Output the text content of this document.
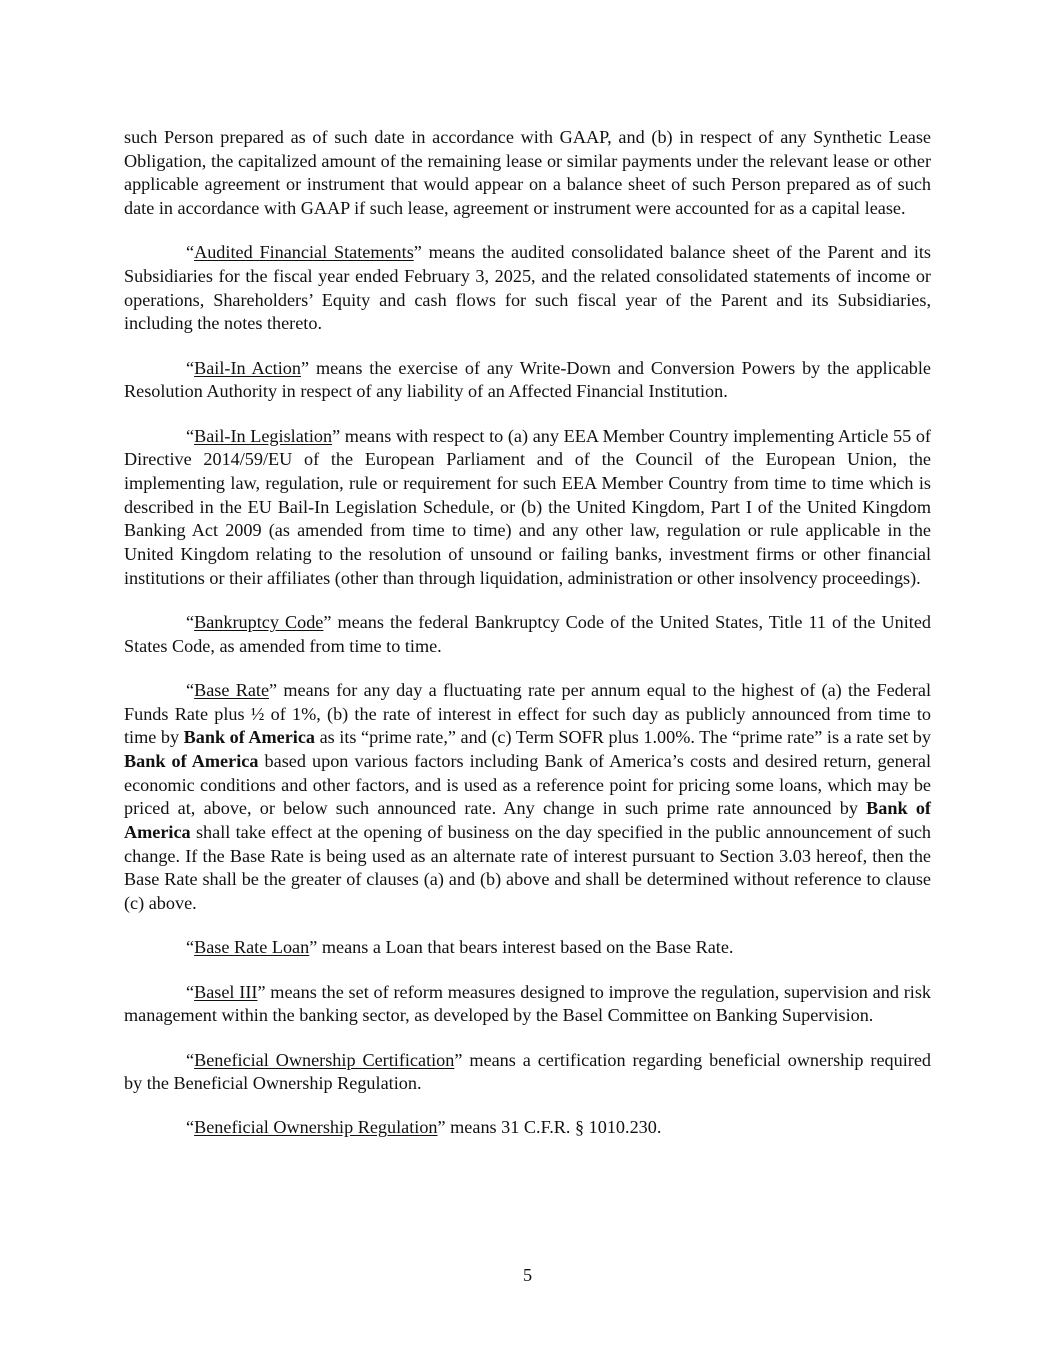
such Person prepared as of such date in accordance with GAAP, and (b) in respect of any Synthetic Lease Obligation, the capitalized amount of the remaining lease or similar payments under the relevant lease or other applicable agreement or instrument that would appear on a balance sheet of such Person prepared as of such date in accordance with GAAP if such lease, agreement or instrument were accounted for as a capital lease.

“Audited Financial Statements” means the audited consolidated balance sheet of the Parent and its Subsidiaries for the fiscal year ended February 3, 2025, and the related consolidated statements of income or operations, Shareholders’ Equity and cash flows for such fiscal year of the Parent and its Subsidiaries, including the notes thereto.

“Bail-In Action” means the exercise of any Write-Down and Conversion Powers by the applicable Resolution Authority in respect of any liability of an Affected Financial Institution.

“Bail-In Legislation” means with respect to (a) any EEA Member Country implementing Article 55 of Directive 2014/59/EU of the European Parliament and of the Council of the European Union, the implementing law, regulation, rule or requirement for such EEA Member Country from time to time which is described in the EU Bail-In Legislation Schedule, or (b) the United Kingdom, Part I of the United Kingdom Banking Act 2009 (as amended from time to time) and any other law, regulation or rule applicable in the United Kingdom relating to the resolution of unsound or failing banks, investment firms or other financial institutions or their affiliates (other than through liquidation, administration or other insolvency proceedings).

“Bankruptcy Code” means the federal Bankruptcy Code of the United States, Title 11 of the United States Code, as amended from time to time.

“Base Rate” means for any day a fluctuating rate per annum equal to the highest of (a) the Federal Funds Rate plus ½ of 1%, (b) the rate of interest in effect for such day as publicly announced from time to time by Bank of America as its “prime rate,” and (c) Term SOFR plus 1.00%. The “prime rate” is a rate set by Bank of America based upon various factors including Bank of America’s costs and desired return, general economic conditions and other factors, and is used as a reference point for pricing some loans, which may be priced at, above, or below such announced rate. Any change in such prime rate announced by Bank of America shall take effect at the opening of business on the day specified in the public announcement of such change. If the Base Rate is being used as an alternate rate of interest pursuant to Section 3.03 hereof, then the Base Rate shall be the greater of clauses (a) and (b) above and shall be determined without reference to clause (c) above.

“Base Rate Loan” means a Loan that bears interest based on the Base Rate.

“Basel III” means the set of reform measures designed to improve the regulation, supervision and risk management within the banking sector, as developed by the Basel Committee on Banking Supervision.

“Beneficial Ownership Certification” means a certification regarding beneficial ownership required by the Beneficial Ownership Regulation.

“Beneficial Ownership Regulation” means 31 C.F.R. § 1010.230.

5
